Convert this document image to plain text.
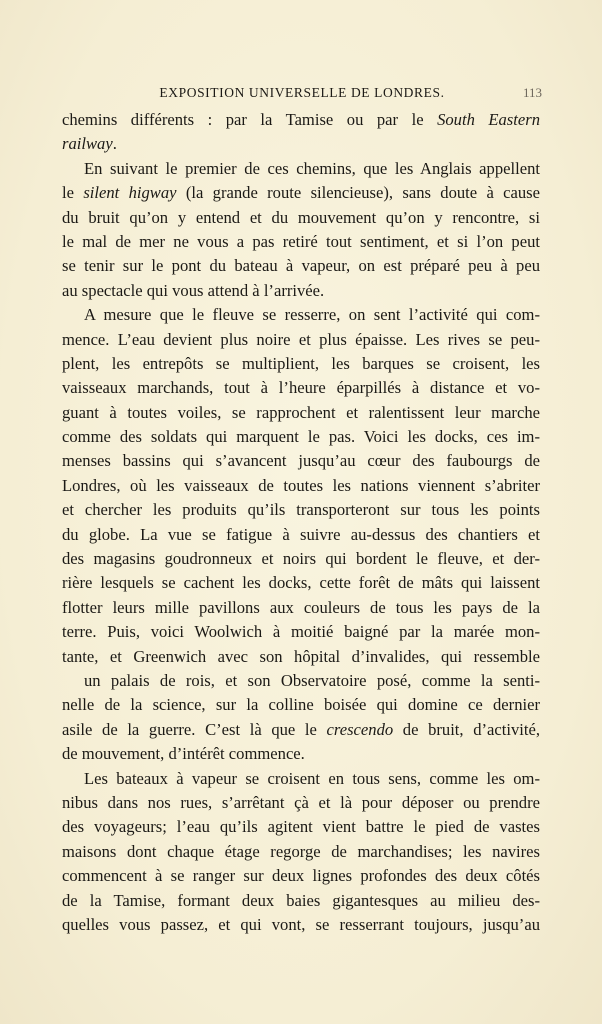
EXPOSITION UNIVERSELLE DE LONDRES.	113
chemins différents : par la Tamise ou par le South Eastern
railway.
En suivant le premier de ces chemins, que les Anglais appellent
le silent higway (la grande route silencieuse), sans doute à cause
du bruit qu’on y entend et du mouvement qu’on y rencontre, si
le mal de mer ne vous a pas retiré tout sentiment, et si l’on peut
se tenir sur le pont du bateau à vapeur, on est préparé peu à peu
au spectacle qui vous attend à l’arrivée.
A mesure que le fleuve se resserre, on sent l’activité qui com-
mence. L’eau devient plus noire et plus épaisse. Les rives se peu-
plent, les entrepôts se multiplient, les barques se croisent, les
vaisseaux marchands, tout à l’heure éparpillés à distance et vo-
guant à toutes voiles, se rapprochent et ralentissent leur marche
comme des soldats qui marquent le pas. Voici les docks, ces im-
menses bassins qui s’avancent jusqu’au cœur des faubourgs de
Londres, où les vaisseaux de toutes les nations viennent s’abriter
et chercher les produits qu’ils transporteront sur tous les points
du globe. La vue se fatigue à suivre au-dessus des chantiers et
des magasins goudronneux et noirs qui bordent le fleuve, et der-
rière lesquels se cachent les docks, cette forêt de mâts qui laissent
flotter leurs mille pavillons aux couleurs de tous les pays de la
terre. Puis, voici Woolwich à moitié baigné par la marée mon-
tante, et Greenwich avec son hôpital d’invalides, qui ressemble
un palais de rois, et son Observatoire posé, comme la senti-
nelle de la science, sur la colline boisée qui domine ce dernier
asile de la guerre. C’est là que le crescendo de bruit, d’activité,
de mouvement, d’intérêt commence.
Les bateaux à vapeur se croisent en tous sens, comme les om-
nibus dans nos rues, s’arrêtant çà et là pour déposer ou prendre
des voyageurs; l’eau qu’ils agitent vient battre le pied de vastes
maisons dont chaque étage regorge de marchandises; les navires
commencent à se ranger sur deux lignes profondes des deux côtés
de la Tamise, formant deux baies gigantesques au milieu des-
quelles vous passez, et qui vont, se resserrant toujours, jusqu’au
